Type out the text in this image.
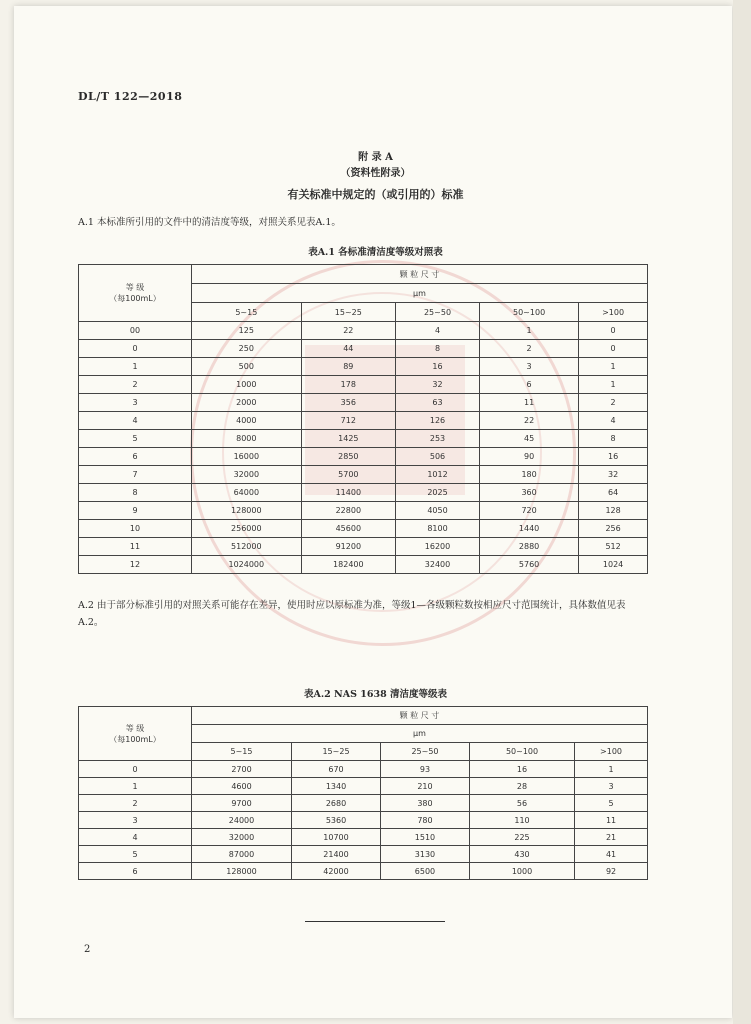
DL/T 122—2018
附 录 A
（资料性附录）
有关标准中规定的（或引用的）标准
A.1 本标准所引用的文件中的清洁度等级，对照关系见表A.1。
表A.1 各标准清洁度等级对照表
等 级
（每100mL）	颗 粒 尺 寸				
	μm				
	5~15	15~25	25~50	50~100	>100
00	125	22	4	1	0
0	250	44	8	2	0
1	500	89	16	3	1
2	1000	178	32	6	1
3	2000	356	63	11	2
4	4000	712	126	22	4
5	8000	1425	253	45	8
6	16000	2850	506	90	16
7	32000	5700	1012	180	32
8	64000	11400	2025	360	64
9	128000	22800	4050	720	128
10	256000	45600	8100	1440	256
11	512000	91200	16200	2880	512
12	1024000	182400	32400	5760	1024
A.2 由于部分标准引用的对照关系可能存在差异，使用时应以原标准为准，等级1—各级颗粒数按相应尺寸范围统计，具体数值见表A.2。
表A.2 NAS 1638 清洁度等级表
等 级
（每100mL）	颗 粒 尺 寸				
	μm				
	5~15	15~25	25~50	50~100	>100
0	2700	670	93	16	1
1	4600	1340	210	28	3
2	9700	2680	380	56	5
3	24000	5360	780	110	11
4	32000	10700	1510	225	21
5	87000	21400	3130	430	41
6	128000	42000	6500	1000	92
2
